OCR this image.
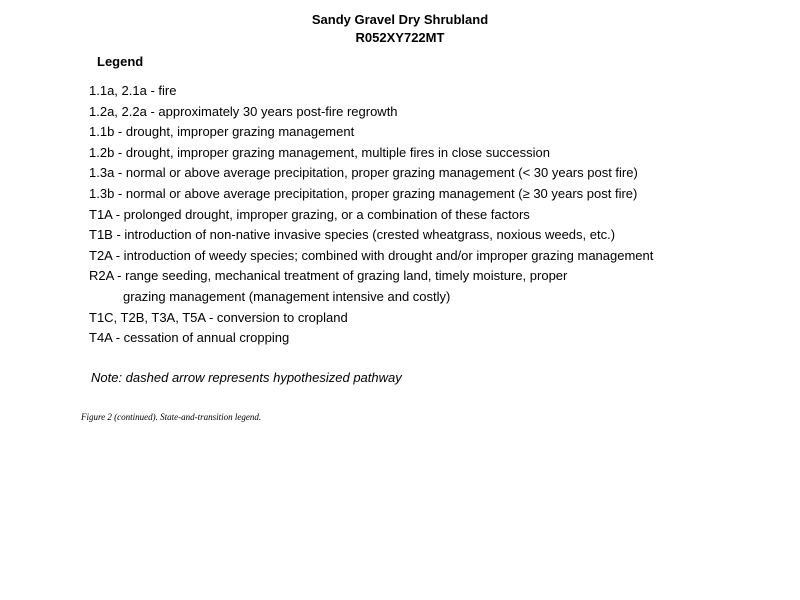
Sandy Gravel Dry Shrubland
R052XY722MT
Legend
1.1a, 2.1a - fire
1.2a, 2.2a - approximately 30 years post-fire regrowth
1.1b - drought, improper grazing management
1.2b - drought, improper grazing management, multiple fires in close succession
1.3a - normal or above average precipitation, proper grazing management (< 30 years post fire)
1.3b - normal or above average precipitation, proper grazing management (≥ 30 years post fire)
T1A - prolonged drought, improper grazing, or a combination of these factors
T1B - introduction of non-native invasive species (crested wheatgrass, noxious weeds, etc.)
T2A - introduction of weedy species; combined with drought and/or improper grazing management
R2A - range seeding, mechanical treatment of grazing land, timely moisture, proper
grazing management (management intensive and costly)
T1C, T2B, T3A, T5A - conversion to cropland
T4A - cessation of annual cropping
Note: dashed arrow represents hypothesized pathway
Figure 2 (continued). State-and-transition legend.
